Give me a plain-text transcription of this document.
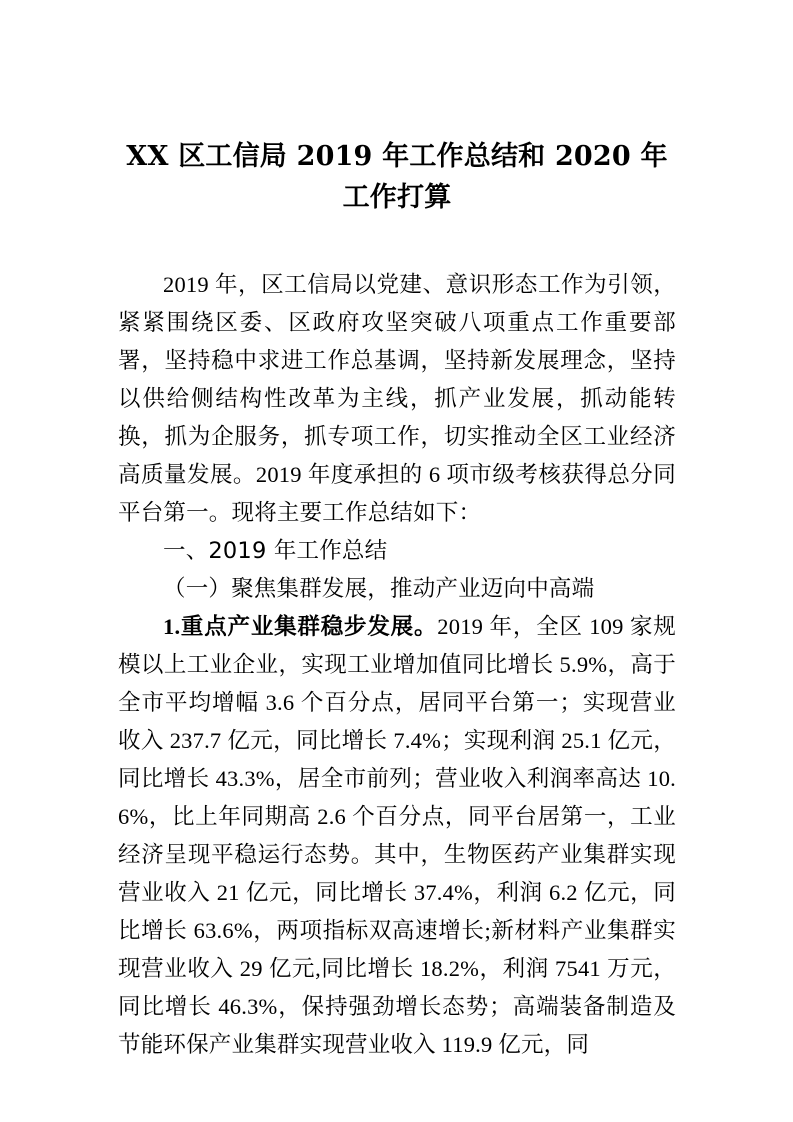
XX 区工信局 2019 年工作总结和 2020 年工作打算

2019 年，区工信局以党建、意识形态工作为引领，紧紧围绕区委、区政府攻坚突破八项重点工作重要部署，坚持稳中求进工作总基调，坚持新发展理念，坚持以供给侧结构性改革为主线，抓产业发展，抓动能转换，抓为企服务，抓专项工作，切实推动全区工业经济高质量发展。2019 年度承担的 6 项市级考核获得总分同平台第一。现将主要工作总结如下：

一、2019 年工作总结

（一）聚焦集群发展，推动产业迈向中高端

1.重点产业集群稳步发展。2019 年，全区 109 家规模以上工业企业，实现工业增加值同比增长 5.9%，高于全市平均增幅 3.6 个百分点，居同平台第一；实现营业收入 237.7 亿元，同比增长 7.4%；实现利润 25.1 亿元，同比增长 43.3%，居全市前列；营业收入利润率高达 10.6%，比上年同期高 2.6 个百分点，同平台居第一，工业经济呈现平稳运行态势。其中，生物医药产业集群实现营业收入 21 亿元，同比增长 37.4%，利润 6.2 亿元，同比增长 63.6%，两项指标双高速增长;新材料产业集群实现营业收入 29 亿元,同比增长 18.2%，利润 7541 万元，同比增长 46.3%，保持强劲增长态势；高端装备制造及节能环保产业集群实现营业收入 119.9 亿元，同
